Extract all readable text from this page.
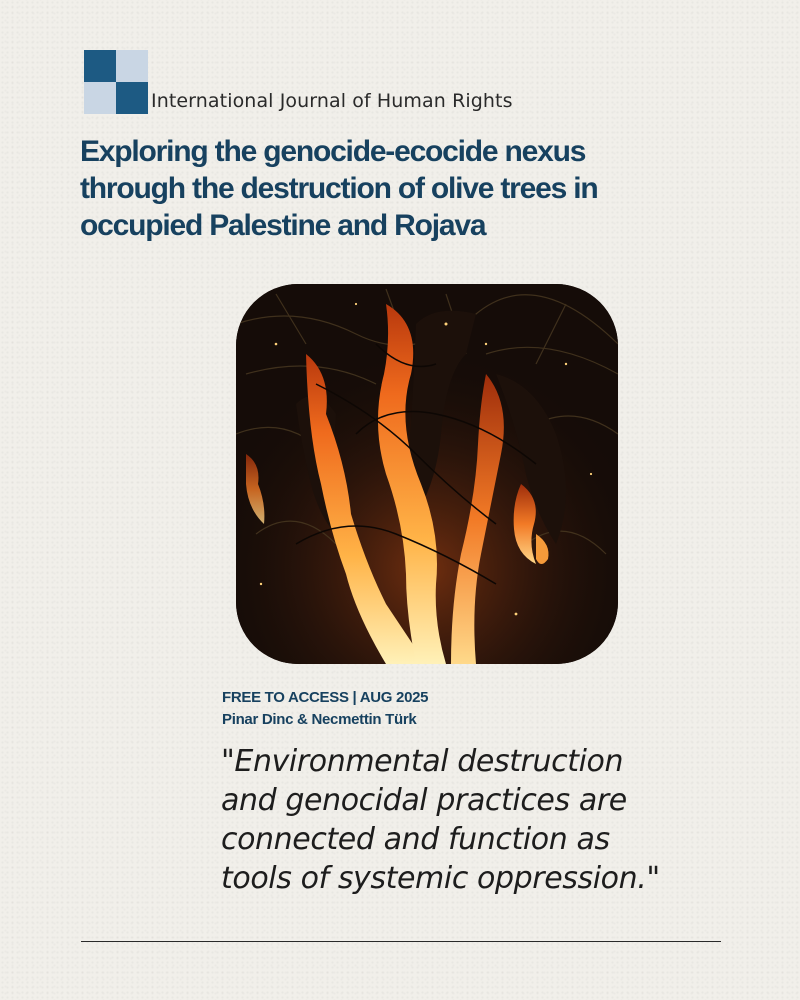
International Journal of Human Rights
Exploring the genocide-ecocide nexus through the destruction of olive trees in occupied Palestine and Rojava
FREE TO ACCESS | AUG 2025
Pinar Dinc & Necmettin Türk

"Environmental destruction and genocidal practices are connected and function as tools of systemic oppression."
